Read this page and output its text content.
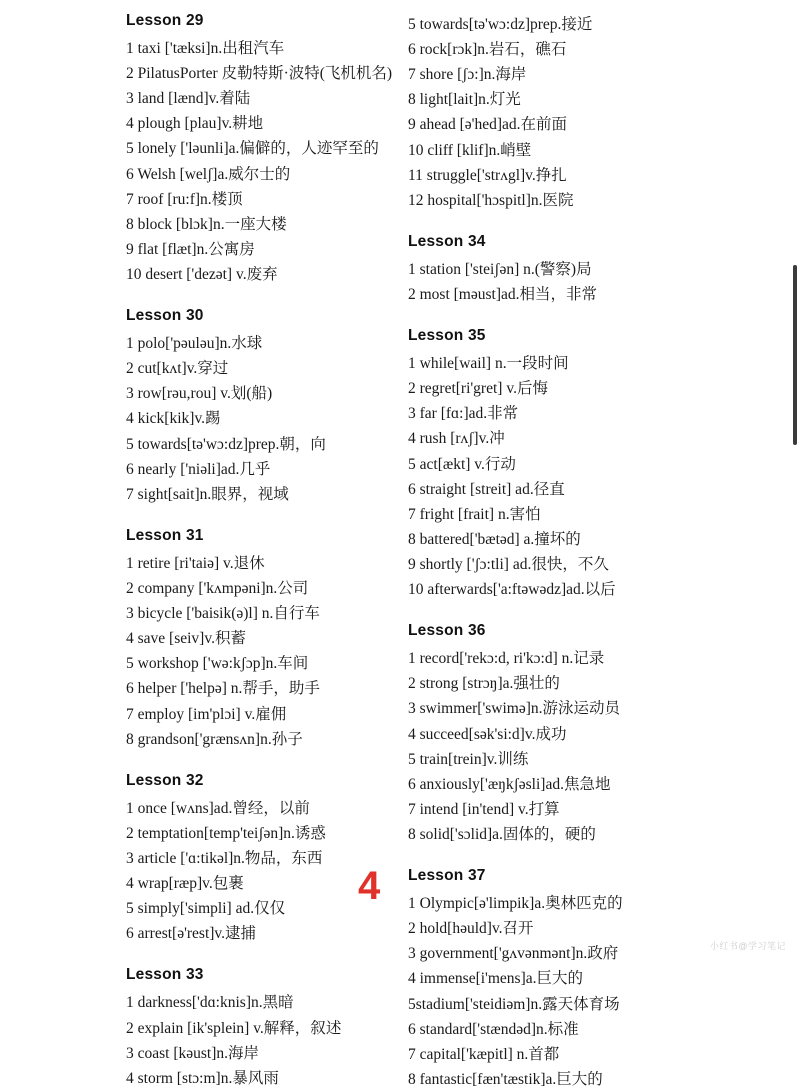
Lesson 29
1 taxi ['tæksi]n.出租汽车
2 PilatusPorter 皮勒特斯·波特(飞机机名)
3 land [lænd]v.着陆
4 plough [plau]v.耕地
5 lonely ['ləunli]a.偏僻的，人迹罕至的
6 Welsh [welʃ]a.威尔士的
7 roof [ru:f]n.楼顶
8 block [blɔk]n.一座大楼
9 flat [flæt]n.公寓房
10 desert ['dezət] v.废弃
Lesson 30
1 polo['pəuləu]n.水球
2 cut[kʌt]v.穿过
3 row[rəu,rou] v.划(船)
4 kick[kik]v.踢
5 towards[tə'wɔ:dz]prep.朝，向
6 nearly ['niəli]ad.几乎
7 sight[sait]n.眼界，视域
Lesson 31
1 retire [ri'taiə] v.退休
2 company ['kʌmpəni]n.公司
3 bicycle ['baisik(ə)l] n.自行车
4 save [seiv]v.积蓄
5 workshop ['wə:kʃɔp]n.车间
6 helper ['helpə] n.帮手，助手
7 employ [im'plɔi] v.雇佣
8 grandson['grænsʌn]n.孙子
Lesson 32
1 once [wʌns]ad.曾经，以前
2 temptation[temp'teiʃən]n.诱惑
3 article ['ɑ:tikəl]n.物品，东西
4 wrap[ræp]v.包裹
5 simply['simpli] ad.仅仅
6 arrest[ə'rest]v.逮捕
Lesson 33
1 darkness['dɑ:knis]n.黑暗
2 explain [ik'splein] v.解释，叙述
3 coast [kəust]n.海岸
4 storm [stɔ:m]n.暴风雨
5 towards[tə'wɔ:dz]prep.接近
6 rock[rɔk]n.岩石，礁石
7 shore [ʃɔ:]n.海岸
8 light[lait]n.灯光
9 ahead [ə'hed]ad.在前面
10 cliff [klif]n.峭壁
11 struggle['strʌgl]v.挣扎
12 hospital['hɔspitl]n.医院
Lesson 34
1 station ['steiʃən] n.(警察)局
2 most [məust]ad.相当，非常
Lesson 35
1 while[wail] n.一段时间
2 regret[ri'gret] v.后悔
3 far [fɑ:]ad.非常
4 rush [rʌʃ]v.冲
5 act[ækt] v.行动
6 straight [streit] ad.径直
7 fright [frait] n.害怕
8 battered['bætəd] a.撞坏的
9 shortly ['ʃɔ:tli] ad.很快，不久
10 afterwards['a:ftəwədz]ad.以后
Lesson 36
1 record['rekɔ:d, ri'kɔ:d] n.记录
2 strong [strɔŋ]a.强壮的
3 swimmer['swimə]n.游泳运动员
4 succeed[sək'si:d]v.成功
5 train[trein]v.训练
6 anxiously['æŋkʃəsli]ad.焦急地
7 intend [in'tend] v.打算
8 solid['sɔlid]a.固体的，硬的
Lesson 37
1 Olympic[ə'limpik]a.奥林匹克的
2 hold[həuld]v.召开
3 government['gʌvənmənt]n.政府
4 immense[i'mens]a.巨大的
5stadium['steidiəm]n.露天体育场
6 standard['stændəd]n.标准
7 capital['kæpitl] n.首都
8 fantastic[fæn'tæstik]a.巨大的
4
小红书@学习笔记
